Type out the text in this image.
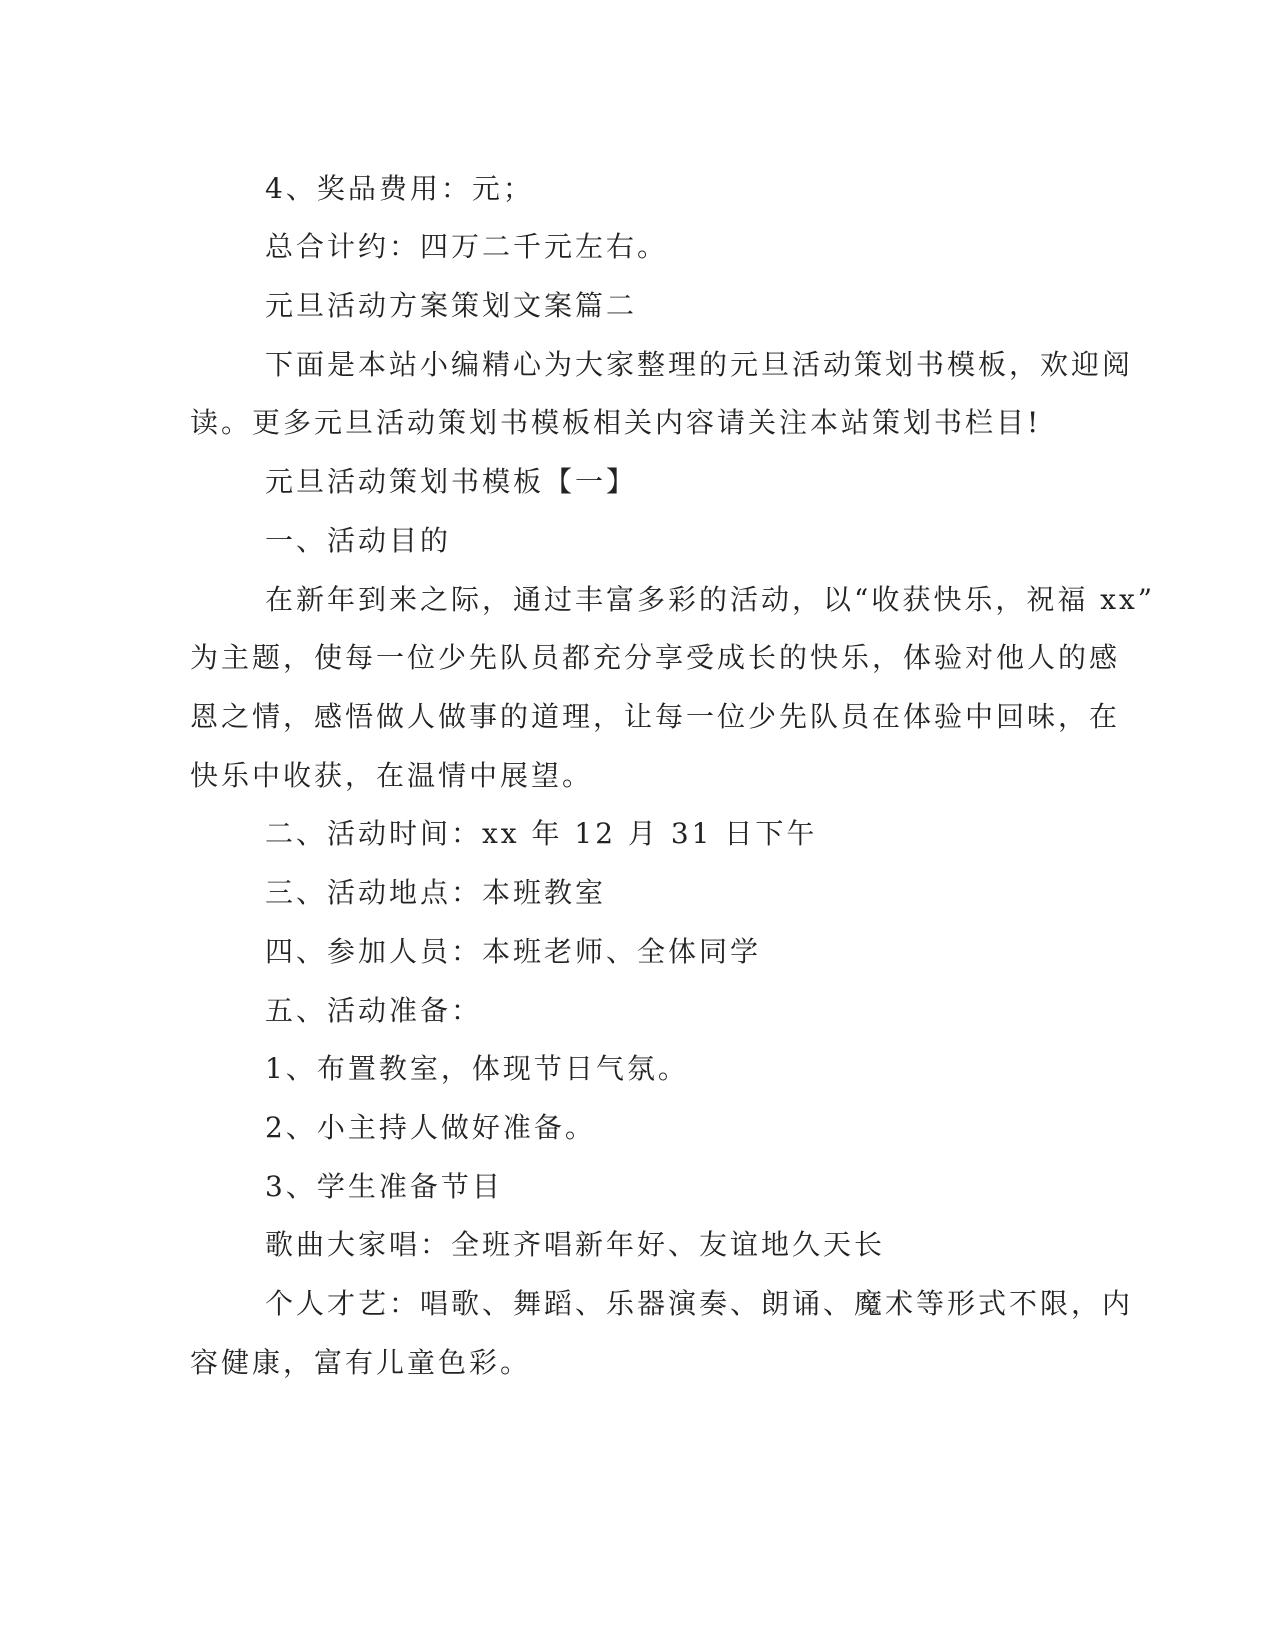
4、奖品费用：元；

总合计约：四万二千元左右。

元旦活动方案策划文案篇二

下面是本站小编精心为大家整理的元旦活动策划书模板，欢迎阅

读。更多元旦活动策划书模板相关内容请关注本站策划书栏目!

元旦活动策划书模板【一】

一、活动目的

在新年到来之际，通过丰富多彩的活动，以“收获快乐，祝福 xx”

为主题，使每一位少先队员都充分享受成长的快乐，体验对他人的感

恩之情，感悟做人做事的道理，让每一位少先队员在体验中回味，在

快乐中收获，在温情中展望。

二、活动时间：xx 年 12 月 31 日下午

三、活动地点：本班教室

四、参加人员：本班老师、全体同学

五、活动准备：

1、布置教室，体现节日气氛。

2、小主持人做好准备。

3、学生准备节目

歌曲大家唱：全班齐唱新年好、友谊地久天长

个人才艺：唱歌、舞蹈、乐器演奏、朗诵、魔术等形式不限，内

容健康，富有儿童色彩。
